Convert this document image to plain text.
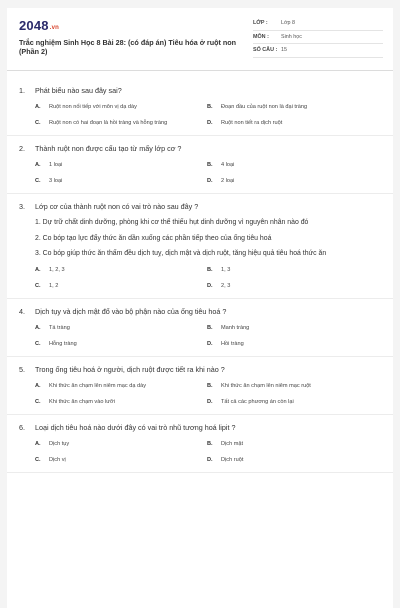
2048.vn
Trắc nghiệm Sinh Học 8 Bài 28: (có đáp án) Tiêu hóa ở ruột non (Phần 2)
LỚP :	Lớp 8
MÔN :	Sinh học
SỐ CÂU : 15
1.	Phát biểu nào sau đây sai?
A.	Ruột non nối tiếp với môn vị dạ dày	B.	Đoạn đầu của ruột non là đại tràng
C.	Ruột non có hai đoạn là hồi tràng và hỗng tràng	D.	Ruột non tiết ra dịch ruột
2.	Thành ruột non được cấu tạo từ mấy lớp cơ ?
A.	1 loại	B.	4 loại
C.	3 loại	D.	2 loại
3.	Lớp cơ của thành ruột non có vai trò nào sau đây ?
1. Dự trữ chất dinh dưỡng, phòng khi cơ thể thiếu hụt dinh dưỡng vì nguyên nhân nào đó
2. Co bóp tạo lực đẩy thức ăn dần xuống các phần tiếp theo của ống tiêu hoá
3. Co bóp giúp thức ăn thấm đều dịch tuỵ, dịch mật và dịch ruột, tăng hiệu quả tiêu hoá thức ăn
A.	1, 2, 3	B.	1, 3
C.	1, 2	D.	2, 3
4.	Dịch tụy và dịch mật đổ vào bộ phận nào của ống tiêu hoá ?
A.	Tá tràng	B.	Manh tràng
C.	Hỗng tràng	D.	Hồi tràng
5.	Trong ống tiêu hoá ở người, dịch ruột được tiết ra khi nào ?
A.	Khi thức ăn chạm lên niêm mạc dạ dày	B.	Khi thức ăn chạm lên niêm mạc ruột
C.	Khi thức ăn chạm vào lưỡi	D.	Tất cả các phương án còn lại
6.	Loại dịch tiêu hoá nào dưới đây có vai trò nhũ tương hoá lipit ?
A.	Dịch tụy	B.	Dịch mật
C.	Dịch vị	D.	Dịch ruột
